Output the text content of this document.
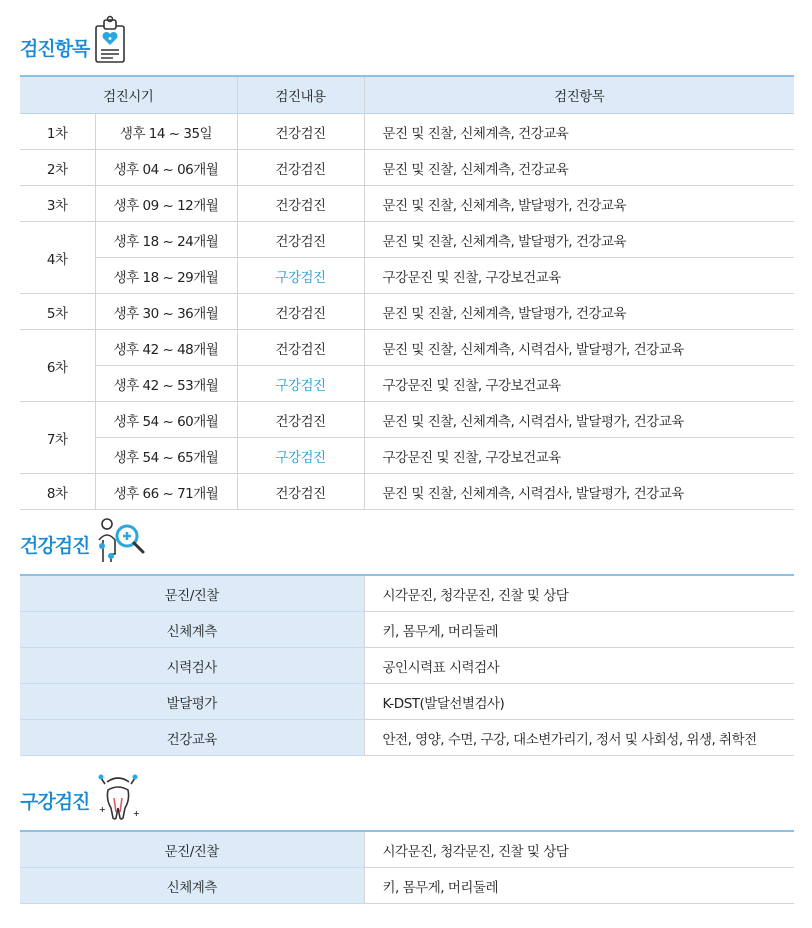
검진항목
검진시기		검진내용	검진항목
1차	생후 14 ~ 35일	건강검진	문진 및 진찰, 신체계측, 건강교육
2차	생후 04 ~ 06개월	건강검진	문진 및 진찰, 신체계측, 건강교육
3차	생후 09 ~ 12개월	건강검진	문진 및 진찰, 신체계측, 발달평가, 건강교육
4차	생후 18 ~ 24개월	건강검진	문진 및 진찰, 신체계측, 발달평가, 건강교육
	생후 18 ~ 29개월	구강검진	구강문진 및 진찰, 구강보건교육
5차	생후 30 ~ 36개월	건강검진	문진 및 진찰, 신체계측, 발달평가, 건강교육
6차	생후 42 ~ 48개월	건강검진	문진 및 진찰, 신체계측, 시력검사, 발달평가, 건강교육
	생후 42 ~ 53개월	구강검진	구강문진 및 진찰, 구강보건교육
7차	생후 54 ~ 60개월	건강검진	문진 및 진찰, 신체계측, 시력검사, 발달평가, 건강교육
	생후 54 ~ 65개월	구강검진	구강문진 및 진찰, 구강보건교육
8차	생후 66 ~ 71개월	건강검진	문진 및 진찰, 신체계측, 시력검사, 발달평가, 건강교육
건강검진
문진/진찰	시각문진, 청각문진, 진찰 및 상담
신체계측	키, 몸무게, 머리둘레
시력검사	공인시력표 시력검사
발달평가	K-DST(발달선별검사)
건강교육	안전, 영양, 수면, 구강, 대소변가리기, 정서 및 사회성, 위생, 취학전
구강검진
+
+
문진/진찰	시각문진, 청각문진, 진찰 및 상담
신체계측	키, 몸무게, 머리둘레
